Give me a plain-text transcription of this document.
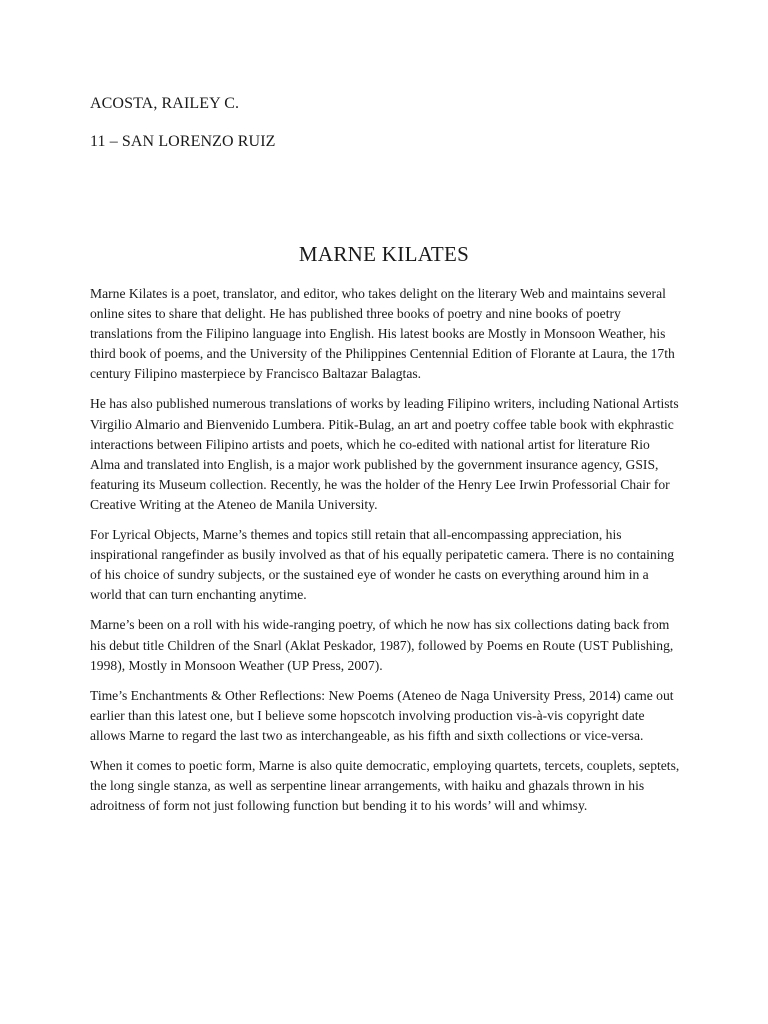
ACOSTA, RAILEY C.
11 – SAN LORENZO RUIZ
MARNE KILATES

Marne Kilates is a poet, translator, and editor, who takes delight on the literary Web and maintains several online sites to share that delight. He has published three books of poetry and nine books of poetry translations from the Filipino language into English. His latest books are Mostly in Monsoon Weather, his third book of poems, and the University of the Philippines Centennial Edition of Florante at Laura, the 17th century Filipino masterpiece by Francisco Baltazar Balagtas.

He has also published numerous translations of works by leading Filipino writers, including National Artists Virgilio Almario and Bienvenido Lumbera. Pitik-Bulag, an art and poetry coffee table book with ekphrastic interactions between Filipino artists and poets, which he co-edited with national artist for literature Rio Alma and translated into English, is a major work published by the government insurance agency, GSIS, featuring its Museum collection. Recently, he was the holder of the Henry Lee Irwin Professorial Chair for Creative Writing at the Ateneo de Manila University.

For Lyrical Objects, Marne’s themes and topics still retain that all-encompassing appreciation, his inspirational rangefinder as busily involved as that of his equally peripatetic camera. There is no containing of his choice of sundry subjects, or the sustained eye of wonder he casts on everything around him in a world that can turn enchanting anytime.

Marne’s been on a roll with his wide-ranging poetry, of which he now has six collections dating back from his debut title Children of the Snarl (Aklat Peskador, 1987), followed by Poems en Route (UST Publishing, 1998), Mostly in Monsoon Weather (UP Press, 2007).

Time’s Enchantments & Other Reflections: New Poems (Ateneo de Naga University Press, 2014) came out earlier than this latest one, but I believe some hopscotch involving production vis-à-vis copyright date allows Marne to regard the last two as interchangeable, as his fifth and sixth collections or vice-versa.

When it comes to poetic form, Marne is also quite democratic, employing quartets, tercets, couplets, septets, the long single stanza, as well as serpentine linear arrangements, with haiku and ghazals thrown in his adroitness of form not just following function but bending it to his words’ will and whimsy.
